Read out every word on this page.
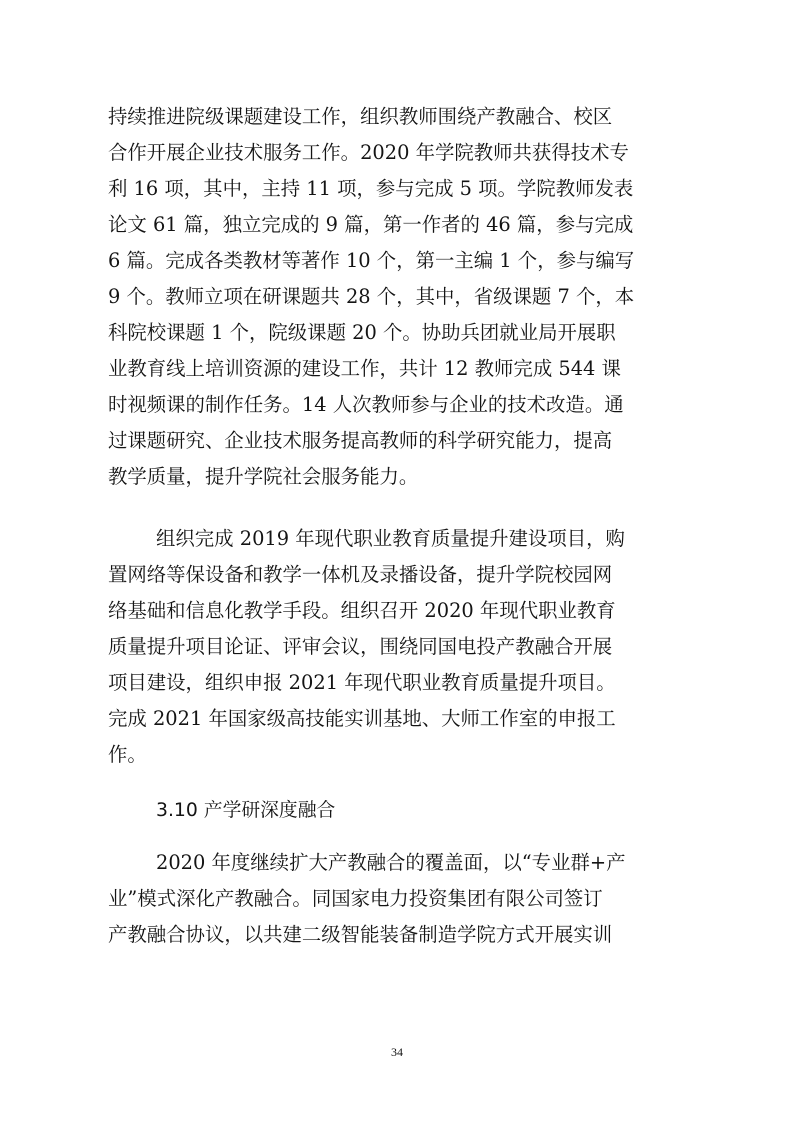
持续推进院级课题建设工作，组织教师围绕产教融合、校区
合作开展企业技术服务工作。2020 年学院教师共获得技术专
利 16 项，其中，主持 11 项，参与完成 5 项。学院教师发表
论文 61 篇，独立完成的 9 篇，第一作者的 46 篇，参与完成
6 篇。完成各类教材等著作 10 个，第一主编 1 个，参与编写
9 个。教师立项在研课题共 28 个，其中，省级课题 7 个，本
科院校课题 1 个，院级课题 20 个。协助兵团就业局开展职
业教育线上培训资源的建设工作，共计 12 教师完成 544 课
时视频课的制作任务。14 人次教师参与企业的技术改造。通
过课题研究、企业技术服务提高教师的科学研究能力，提高
教学质量，提升学院社会服务能力。
组织完成 2019 年现代职业教育质量提升建设项目，购
置网络等保设备和教学一体机及录播设备，提升学院校园网
络基础和信息化教学手段。组织召开 2020 年现代职业教育
质量提升项目论证、评审会议，围绕同国电投产教融合开展
项目建设，组织申报 2021 年现代职业教育质量提升项目。
完成 2021 年国家级高技能实训基地、大师工作室的申报工
作。
3.10 产学研深度融合
2020 年度继续扩大产教融合的覆盖面，以“专业群+产
业”模式深化产教融合。同国家电力投资集团有限公司签订
产教融合协议，以共建二级智能装备制造学院方式开展实训
34
